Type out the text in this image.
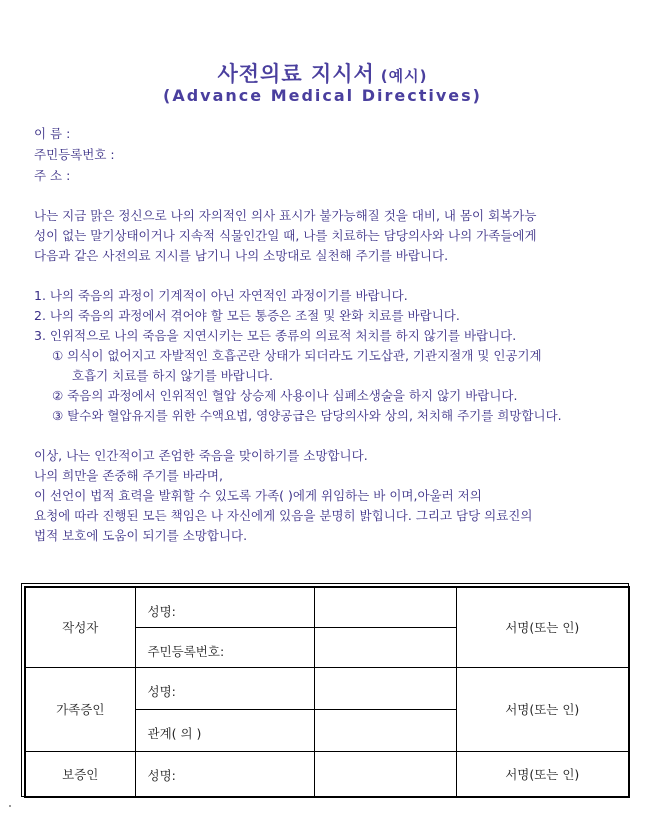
사전의료 지시서 (예시)
(Advance Medical Directives)
이 름 :
주민등록번호 :
주 소 :
나는 지금 맑은 정신으로 나의 자의적인 의사 표시가 불가능해질 것을 대비, 내 몸이 회복가능
성이 없는 말기상태이거나 지속적 식물인간일 때, 나를 치료하는 담당의사와 나의 가족들에게
다음과 같은 사전의료 지시를 남기니 나의 소망대로 실천해 주기를 바랍니다.
1. 나의 죽음의 과정이 기계적이 아닌 자연적인 과정이기를 바랍니다.
2. 나의 죽음의 과정에서 겪어야 할 모든 통증은 조절 및 완화 치료를 바랍니다.
3. 인위적으로 나의 죽음을 지연시키는 모든 종류의 의료적 처치를 하지 않기를 바랍니다.
① 의식이 없어지고 자발적인 호흡곤란 상태가 되더라도 기도삽관, 기관지절개 및 인공기계
호흡기 치료를 하지 않기를 바랍니다.
② 죽음의 과정에서 인위적인 혈압 상승제 사용이나 심폐소생술을 하지 않기 바랍니다.
③ 탈수와 혈압유지를 위한 수액요법, 영양공급은 담당의사와 상의, 처치해 주기를 희망합니다.
이상, 나는 인간적이고 존엄한 죽음을 맞이하기를 소망합니다.
나의 희만을 존중해 주기를 바라며,
이 선언이 법적 효력을 발휘할 수 있도록 가족( )에게 위임하는 바 이며,아울러 저의
요청에 따라 진행된 모든 책임은 나 자신에게 있음을 분명히 밝힙니다. 그리고 담당 의료진의
법적 보호에 도움이 되기를 소망합니다.
작성자	성명:		서명(또는 인)
	주민등록번호:		
가족증인	성명:		서명(또는 인)
	관계( 의 )		
보증인	성명:		서명(또는 인)
